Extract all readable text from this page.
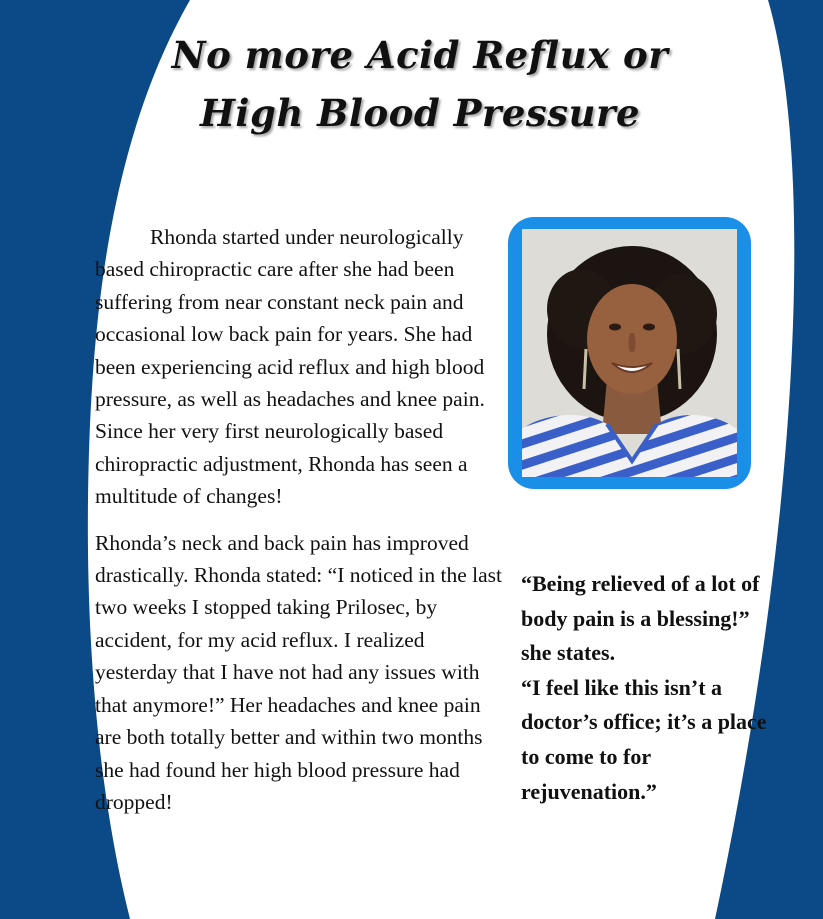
No more Acid Reflux or
High Blood Pressure

Rhonda started under neurologically based chiropractic care after she had been suffering from near constant neck pain and occasional low back pain for years. She had been experiencing acid reflux and high blood pressure, as well as headaches and knee pain. Since her very first neurologically based chiropractic adjustment, Rhonda has seen a multitude of changes!

Rhonda’s neck and back pain has improved drastically. Rhonda stated: “I noticed in the last two weeks I stopped taking Prilosec, by accident, for my acid reflux. I realized yesterday that I have not had any issues with that anymore!” Her headaches and knee pain are both totally better and within two months she had found her high blood pressure had dropped!

“Being relieved of a lot of body pain is a blessing!” she states.
“I feel like this isn’t a doctor’s office; it’s a place to come to for rejuvenation.”
